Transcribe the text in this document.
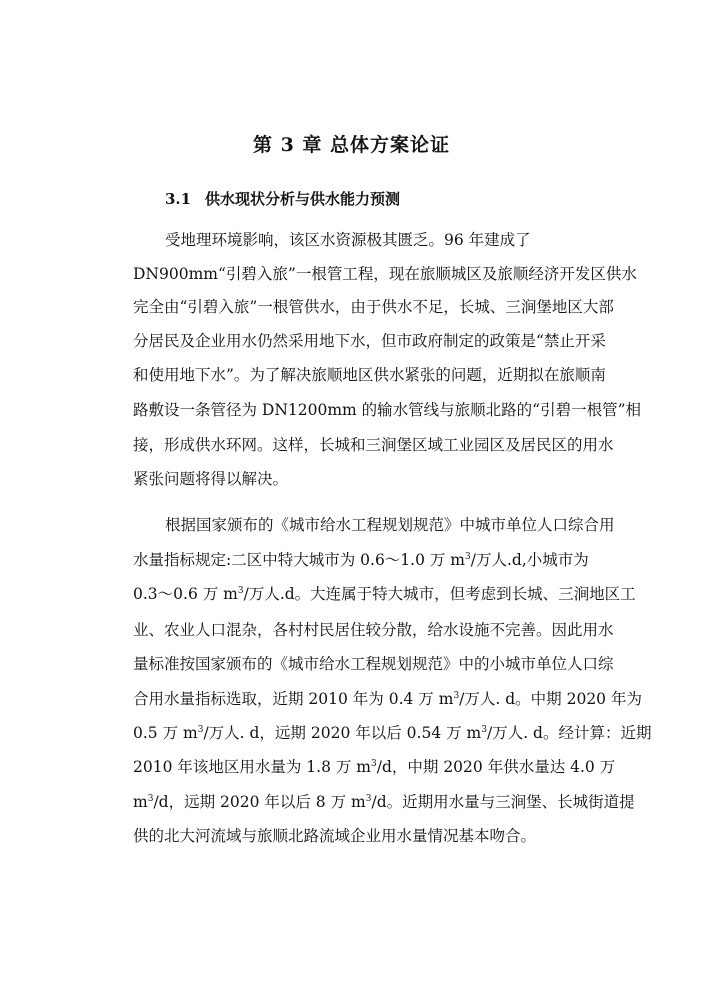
第 3 章 总体方案论证
3.1 供水现状分析与供水能力预测
受地理环境影响，该区水资源极其匮乏。96 年建成了
DN900mm“引碧入旅”一根管工程，现在旅顺城区及旅顺经济开发区供水
完全由“引碧入旅”一根管供水，由于供水不足，长城、三涧堡地区大部
分居民及企业用水仍然采用地下水，但市政府制定的政策是“禁止开采
和使用地下水”。为了解决旅顺地区供水紧张的问题，近期拟在旅顺南
路敷设一条管径为 DN1200mm 的输水管线与旅顺北路的“引碧一根管”相
接，形成供水环网。这样，长城和三涧堡区域工业园区及居民区的用水
紧张问题将得以解决。
根据国家颁布的《城市给水工程规划规范》中城市单位人口综合用
水量指标规定:二区中特大城市为 0.6～1.0 万 $m^3/$万人.d,小城市为
0.3～0.6 万 $m^3/$万人.d。大连属于特大城市，但考虑到长城、三涧地区工
业、农业人口混杂，各村村民居住较分散，给水设施不完善。因此用水
量标准按国家颁布的《城市给水工程规划规范》中的小城市单位人口综
合用水量指标选取，近期 2010 年为 0.4 万 $m^3/$万人. d。中期 2020 年为
0.5 万 $m^3/$万人. d，远期 2020 年以后 0.54 万 $m^3/$万人. d。经计算：近期
2010 年该地区用水量为 1.8 万 $m^3/d$，中期 2020 年供水量达 4.0 万
$m^3/d$，远期 2020 年以后 8 万 $m^3/d$。近期用水量与三涧堡、长城街道提
供的北大河流域与旅顺北路流域企业用水量情况基本吻合。
